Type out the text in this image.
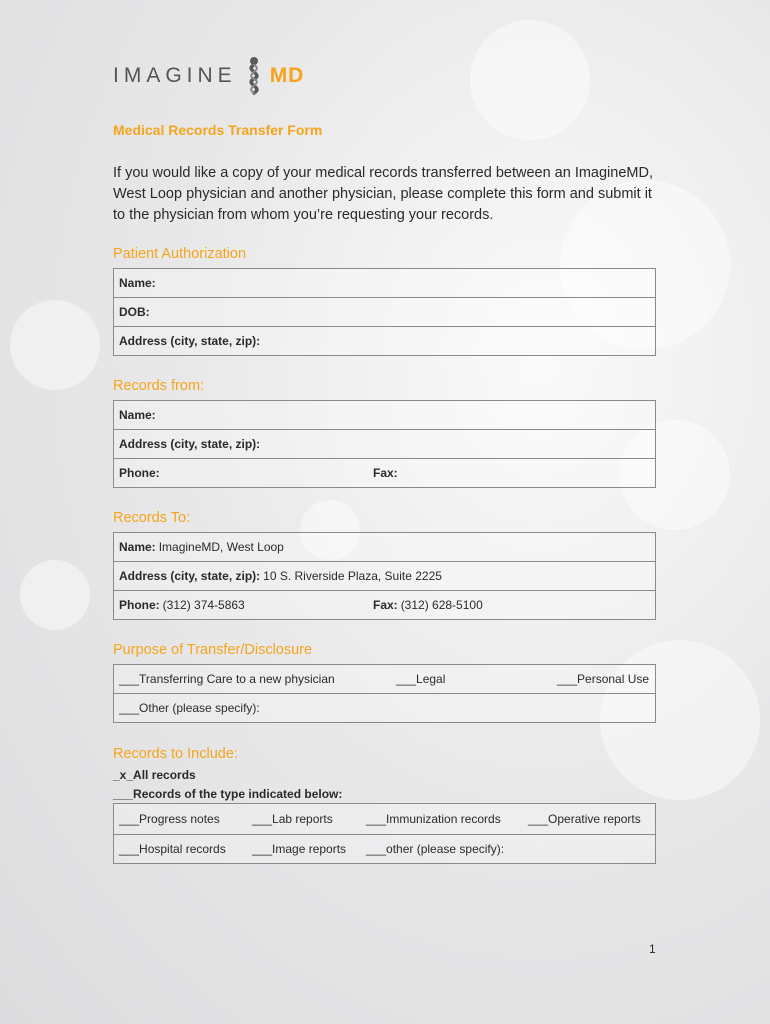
IMAGINE MD
Medical Records Transfer Form
If you would like a copy of your medical records transferred between an ImagineMD, West Loop physician and another physician, please complete this form and submit it to the physician from whom you’re requesting your records.
Patient Authorization
Name:
DOB:
Address (city, state, zip):
Records from:
Name:
Address (city, state, zip):
Phone:	Fax:
Records To:
Name: ImagineMD, West Loop
Address (city, state, zip): 10 S. Riverside Plaza, Suite 2225
Phone: (312) 374-5863	Fax: (312) 628-5100
Purpose of Transfer/Disclosure
___Transferring Care to a new physician	___Legal	___Personal Use
___Other (please specify):
Records to Include:
_x_All records
___Records of the type indicated below:
___Progress notes	___Lab reports	___Immunization records ___Operative reports
___Hospital records ___Image reports ___other (please specify):
1
